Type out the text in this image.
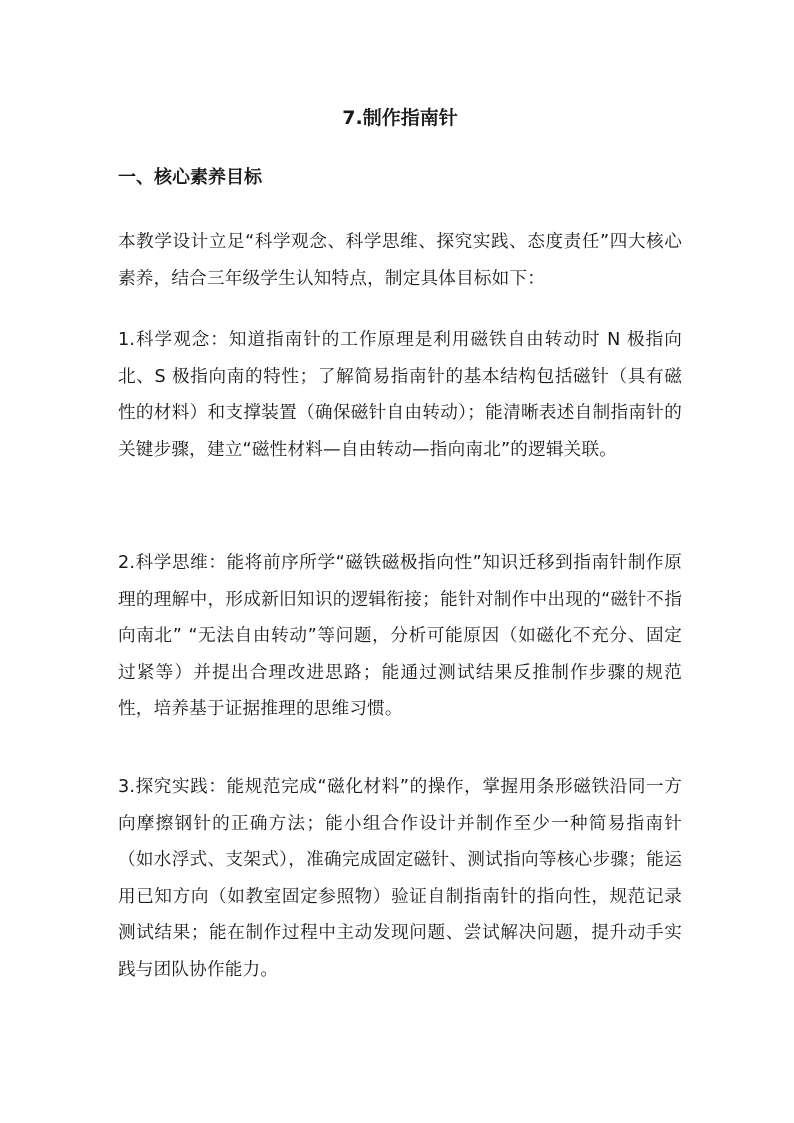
7.制作指南针
一、核心素养目标

本教学设计立足“科学观念、科学思维、探究实践、态度责任”四大核心素养，结合三年级学生认知特点，制定具体目标如下：

1.科学观念：知道指南针的工作原理是利用磁铁自由转动时 N 极指向北、S 极指向南的特性；了解简易指南针的基本结构包括磁针（具有磁性的材料）和支撑装置（确保磁针自由转动）；能清晰表述自制指南针的关键步骤，建立“磁性材料—自由转动—指向南北”的逻辑关联。

2.科学思维：能将前序所学“磁铁磁极指向性”知识迁移到指南针制作原理的理解中，形成新旧知识的逻辑衔接；能针对制作中出现的“磁针不指向南北” “无法自由转动”等问题，分析可能原因（如磁化不充分、固定过紧等）并提出合理改进思路；能通过测试结果反推制作步骤的规范性，培养基于证据推理的思维习惯。

3.探究实践：能规范完成“磁化材料”的操作，掌握用条形磁铁沿同一方向摩擦钢针的正确方法；能小组合作设计并制作至少一种简易指南针（如水浮式、支架式），准确完成固定磁针、测试指向等核心步骤；能运用已知方向（如教室固定参照物）验证自制指南针的指向性，规范记录测试结果；能在制作过程中主动发现问题、尝试解决问题，提升动手实践与团队协作能力。
